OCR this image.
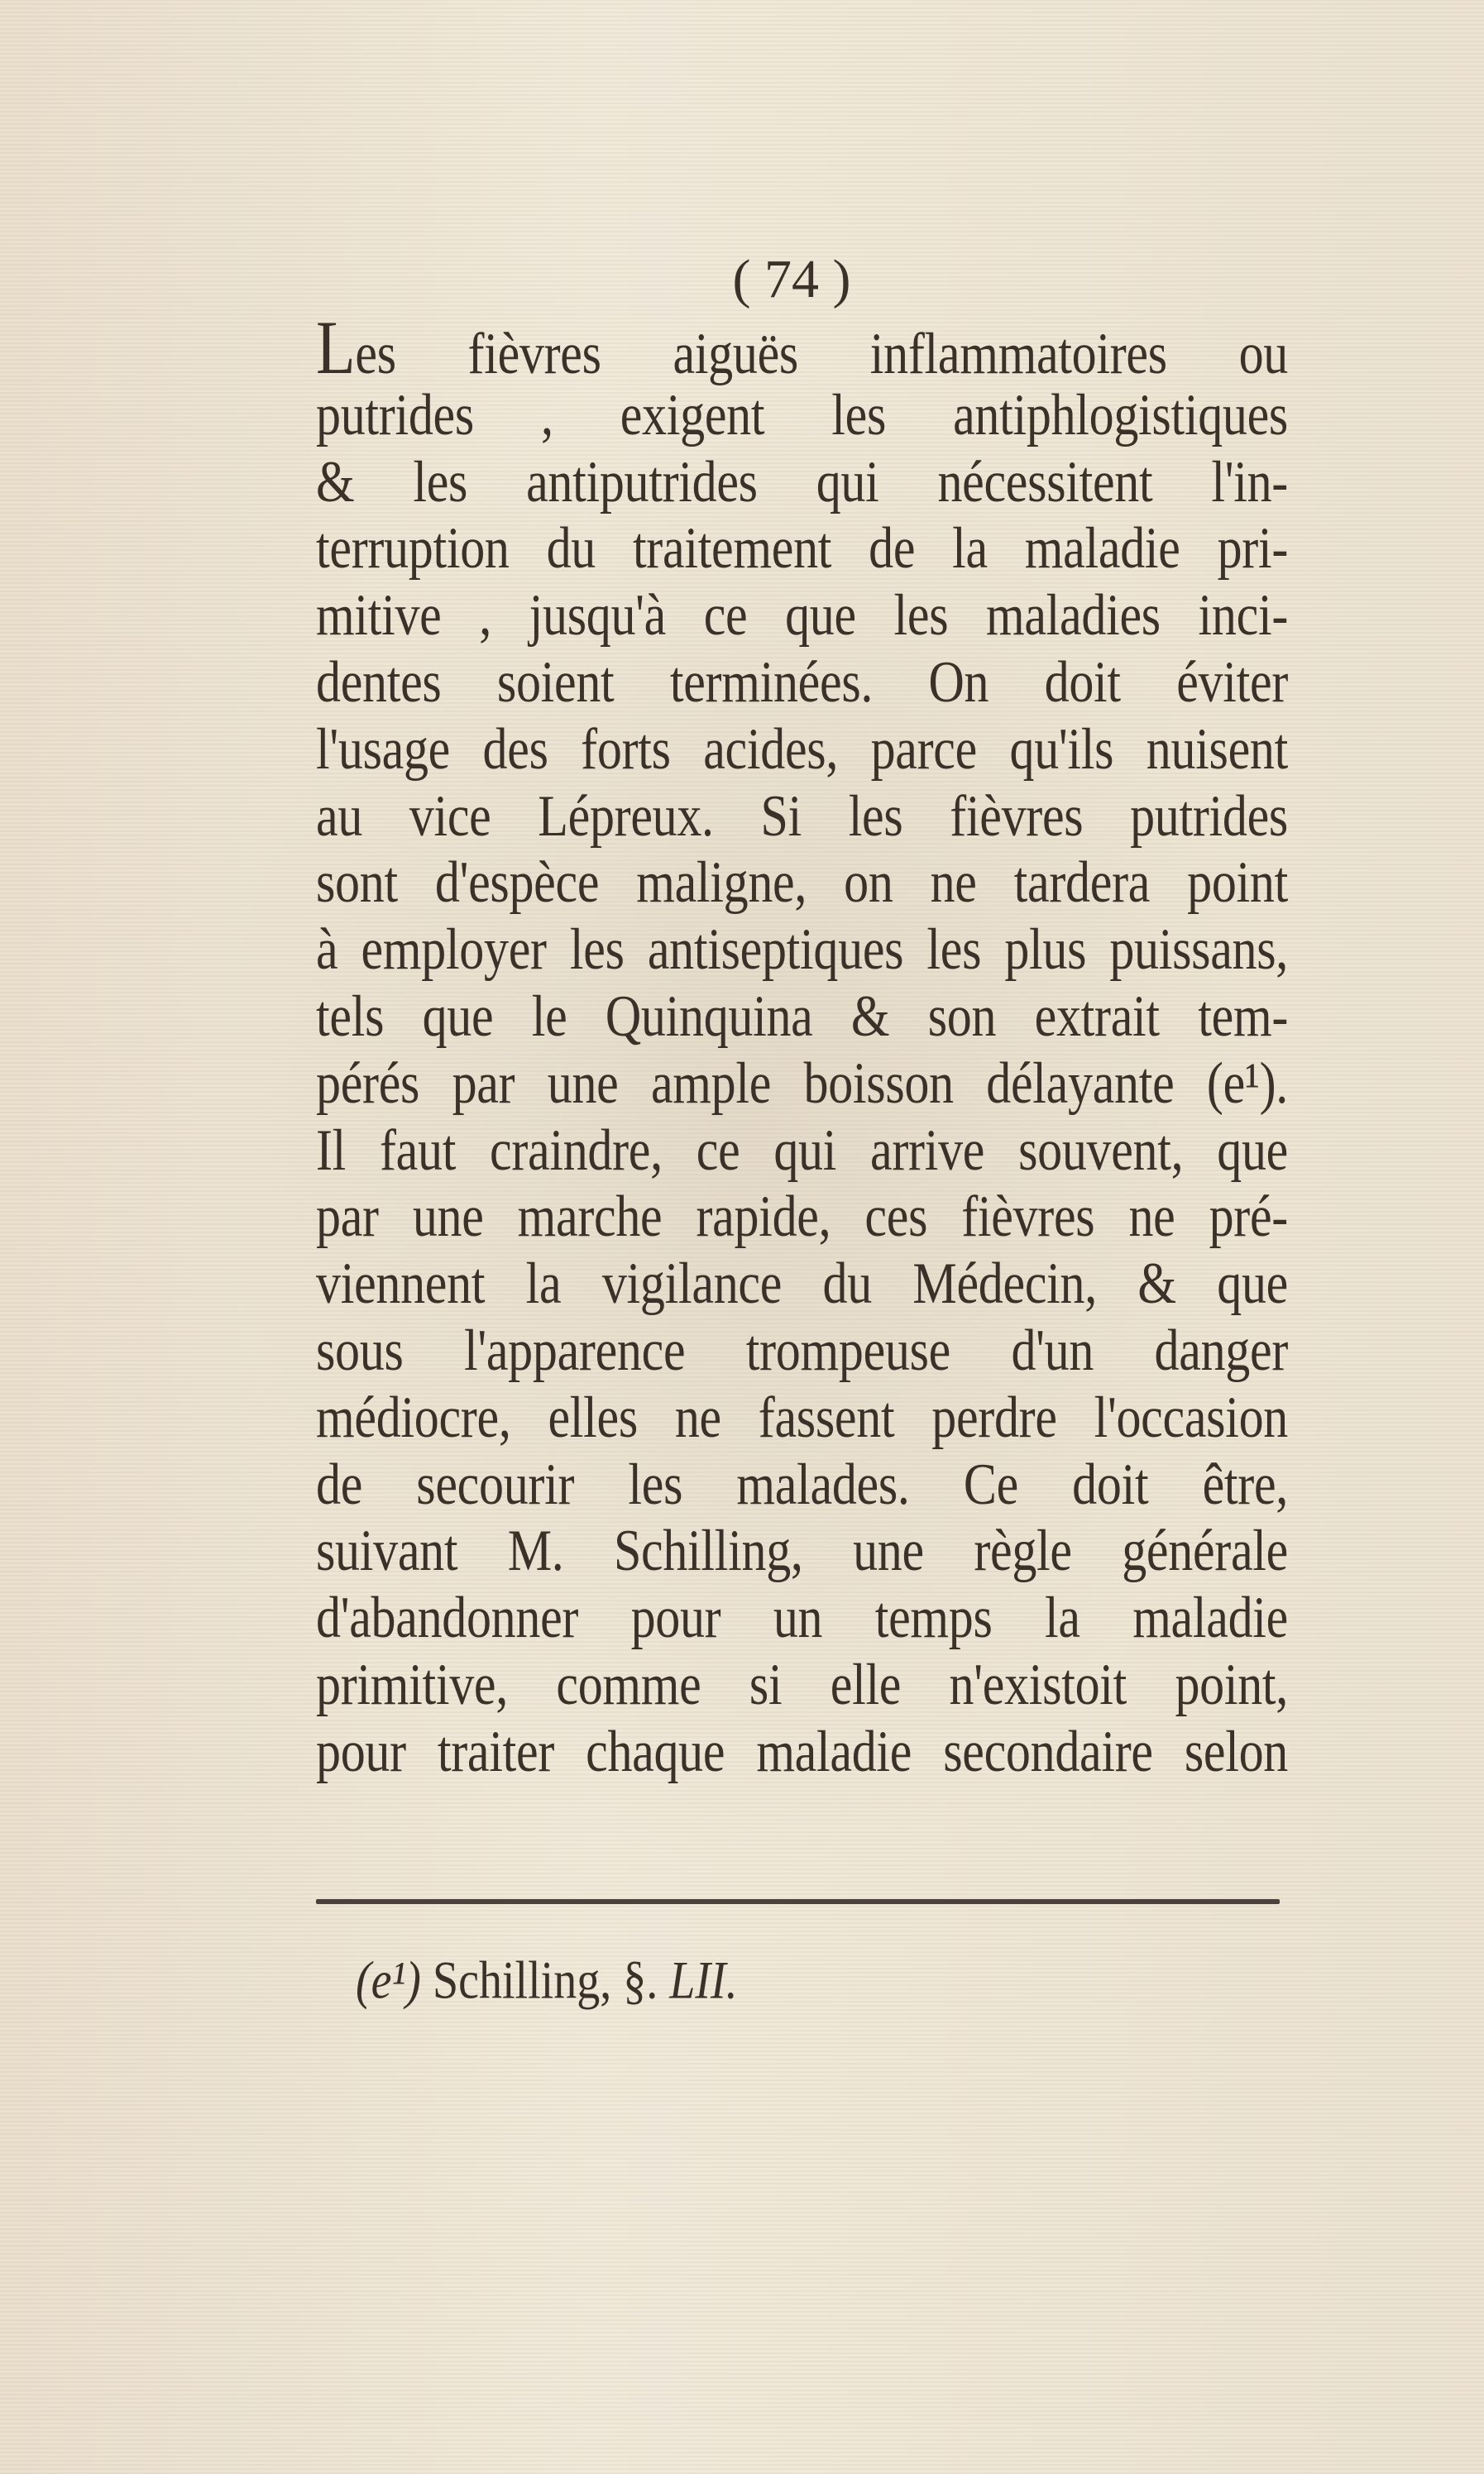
( 74 )
Les fièvres aiguës inflammatoires ou
putrides , exigent les antiphlogistiques
& les antiputrides qui nécessitent l'in-
terruption du traitement de la maladie pri-
mitive , jusqu'à ce que les maladies inci-
dentes soient terminées. On doit éviter
l'usage des forts acides, parce qu'ils nuisent
au vice Lépreux. Si les fièvres putrides
sont d'espèce maligne, on ne tardera point
à employer les antiseptiques les plus puissans,
tels que le Quinquina & son extrait tem-
pérés par une ample boisson délayante (e¹).
Il faut craindre, ce qui arrive souvent, que
par une marche rapide, ces fièvres ne pré-
viennent la vigilance du Médecin, & que
sous l'apparence trompeuse d'un danger
médiocre, elles ne fassent perdre l'occasion
de secourir les malades. Ce doit être,
suivant M. Schilling, une règle générale
d'abandonner pour un temps la maladie
primitive, comme si elle n'existoit point,
pour traiter chaque maladie secondaire selon
(e¹) Schilling, §. LII.
